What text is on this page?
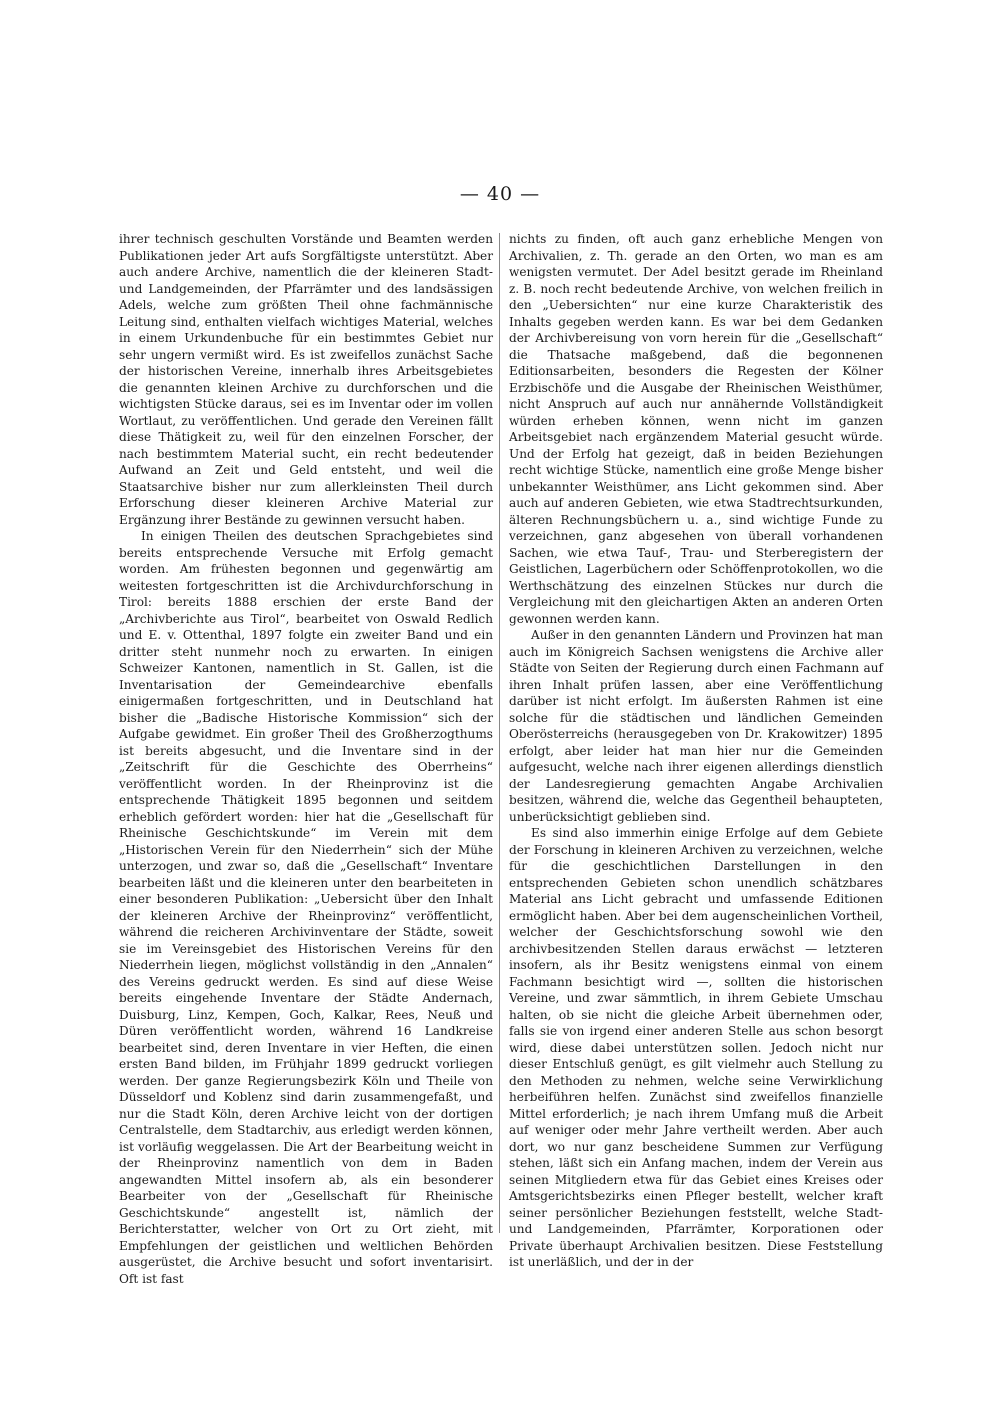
— 40 —

ihrer technisch geschulten Vorstände und Beamten werden Publikationen jeder Art aufs Sorgfältigste unterstützt. Aber auch andere Archive, namentlich die der kleineren Stadt- und Landgemeinden, der Pfarrämter und des landsässigen Adels, welche zum größten Theil ohne fachmännische Leitung sind, enthalten vielfach wichtiges Material, welches in einem Urkundenbuche für ein bestimmtes Gebiet nur sehr ungern vermißt wird. Es ist zweifellos zunächst Sache der historischen Vereine, innerhalb ihres Arbeitsgebietes die genannten kleinen Archive zu durchforschen und die wichtigsten Stücke daraus, sei es im Inventar oder im vollen Wortlaut, zu veröffentlichen. Und gerade den Vereinen fällt diese Thätigkeit zu, weil für den einzelnen Forscher, der nach bestimmtem Material sucht, ein recht bedeutender Aufwand an Zeit und Geld entsteht, und weil die Staatsarchive bisher nur zum allerkleinsten Theil durch Erforschung dieser kleineren Archive Material zur Ergänzung ihrer Bestände zu gewinnen versucht haben.

In einigen Theilen des deutschen Sprachgebietes sind bereits entsprechende Versuche mit Erfolg gemacht worden. Am frühesten begonnen und gegenwärtig am weitesten fortgeschritten ist die Archivdurchforschung in Tirol: bereits 1888 erschien der erste Band der „Archivberichte aus Tirol“, bearbeitet von Oswald Redlich und E. v. Ottenthal, 1897 folgte ein zweiter Band und ein dritter steht nunmehr noch zu erwarten. In einigen Schweizer Kantonen, namentlich in St. Gallen, ist die Inventarisation der Gemeindearchive ebenfalls einigermaßen fortgeschritten, und in Deutschland hat bisher die „Badische Historische Kommission“ sich der Aufgabe gewidmet. Ein großer Theil des Großherzogthums ist bereits abgesucht, und die Inventare sind in der „Zeitschrift für die Geschichte des Oberrheins“ veröffentlicht worden. In der Rheinprovinz ist die entsprechende Thätigkeit 1895 begonnen und seitdem erheblich gefördert worden: hier hat die „Gesellschaft für Rheinische Geschichtskunde“ im Verein mit dem „Historischen Verein für den Niederrhein“ sich der Mühe unterzogen, und zwar so, daß die „Gesellschaft“ Inventare bearbeiten läßt und die kleineren unter den bearbeiteten in einer besonderen Publikation: „Uebersicht über den Inhalt der kleineren Archive der Rheinprovinz“ veröffentlicht, während die reicheren Archivinventare der Städte, soweit sie im Vereinsgebiet des Historischen Vereins für den Niederrhein liegen, möglichst vollständig in den „Annalen“ des Vereins gedruckt werden. Es sind auf diese Weise bereits eingehende Inventare der Städte Andernach, Duisburg, Linz, Kempen, Goch, Kalkar, Rees, Neuß und Düren veröffentlicht worden, während 16 Landkreise bearbeitet sind, deren Inventare in vier Heften, die einen ersten Band bilden, im Frühjahr 1899 gedruckt vorliegen werden. Der ganze Regierungsbezirk Köln und Theile von Düsseldorf und Koblenz sind darin zusammengefaßt, und nur die Stadt Köln, deren Archive leicht von der dortigen Centralstelle, dem Stadtarchiv, aus erledigt werden können, ist vorläufig weggelassen. Die Art der Bearbeitung weicht in der Rheinprovinz namentlich von dem in Baden angewandten Mittel insofern ab, als ein besonderer Bearbeiter von der „Gesellschaft für Rheinische Geschichtskunde“ angestellt ist, nämlich der Berichterstatter, welcher von Ort zu Ort zieht, mit Empfehlungen der geistlichen und weltlichen Behörden ausgerüstet, die Archive besucht und sofort inventarisirt. Oft ist fast

nichts zu finden, oft auch ganz erhebliche Mengen von Archivalien, z. Th. gerade an den Orten, wo man es am wenigsten vermutet. Der Adel besitzt gerade im Rheinland z. B. noch recht bedeutende Archive, von welchen freilich in den „Uebersichten“ nur eine kurze Charakteristik des Inhalts gegeben werden kann. Es war bei dem Gedanken der Archivbereisung von vorn herein für die „Gesellschaft“ die Thatsache maßgebend, daß die begonnenen Editionsarbeiten, besonders die Regesten der Kölner Erzbischöfe und die Ausgabe der Rheinischen Weisthümer, nicht Anspruch auf auch nur annähernde Vollständigkeit würden erheben können, wenn nicht im ganzen Arbeitsgebiet nach ergänzendem Material gesucht würde. Und der Erfolg hat gezeigt, daß in beiden Beziehungen recht wichtige Stücke, namentlich eine große Menge bisher unbekannter Weisthümer, ans Licht gekommen sind. Aber auch auf anderen Gebieten, wie etwa Stadtrechtsurkunden, älteren Rechnungsbüchern u. a., sind wichtige Funde zu verzeichnen, ganz abgesehen von überall vorhandenen Sachen, wie etwa Tauf-, Trau- und Sterberegistern der Geistlichen, Lagerbüchern oder Schöffenprotokollen, wo die Werthschätzung des einzelnen Stückes nur durch die Vergleichung mit den gleichartigen Akten an anderen Orten gewonnen werden kann.

Außer in den genannten Ländern und Provinzen hat man auch im Königreich Sachsen wenigstens die Archive aller Städte von Seiten der Regierung durch einen Fachmann auf ihren Inhalt prüfen lassen, aber eine Veröffentlichung darüber ist nicht erfolgt. Im äußersten Rahmen ist eine solche für die städtischen und ländlichen Gemeinden Oberösterreichs (herausgegeben von Dr. Krakowitzer) 1895 erfolgt, aber leider hat man hier nur die Gemeinden aufgesucht, welche nach ihrer eigenen allerdings dienstlich der Landesregierung gemachten Angabe Archivalien besitzen, während die, welche das Gegentheil behaupteten, unberücksichtigt geblieben sind.

Es sind also immerhin einige Erfolge auf dem Gebiete der Forschung in kleineren Archiven zu verzeichnen, welche für die geschichtlichen Darstellungen in den entsprechenden Gebieten schon unendlich schätzbares Material ans Licht gebracht und umfassende Editionen ermöglicht haben. Aber bei dem augenscheinlichen Vortheil, welcher der Geschichtsforschung sowohl wie den archivbesitzenden Stellen daraus erwächst — letzteren insofern, als ihr Besitz wenigstens einmal von einem Fachmann besichtigt wird —, sollten die historischen Vereine, und zwar sämmtlich, in ihrem Gebiete Umschau halten, ob sie nicht die gleiche Arbeit übernehmen oder, falls sie von irgend einer anderen Stelle aus schon besorgt wird, diese dabei unterstützen sollen. Jedoch nicht nur dieser Entschluß genügt, es gilt vielmehr auch Stellung zu den Methoden zu nehmen, welche seine Verwirklichung herbeiführen helfen. Zunächst sind zweifellos finanzielle Mittel erforderlich; je nach ihrem Umfang muß die Arbeit auf weniger oder mehr Jahre vertheilt werden. Aber auch dort, wo nur ganz bescheidene Summen zur Verfügung stehen, läßt sich ein Anfang machen, indem der Verein aus seinen Mitgliedern etwa für das Gebiet eines Kreises oder Amtsgerichtsbezirks einen Pfleger bestellt, welcher kraft seiner persönlicher Beziehungen feststellt, welche Stadt- und Landgemeinden, Pfarrämter, Korporationen oder Private überhaupt Archivalien besitzen. Diese Feststellung ist unerläßlich, und der in der
